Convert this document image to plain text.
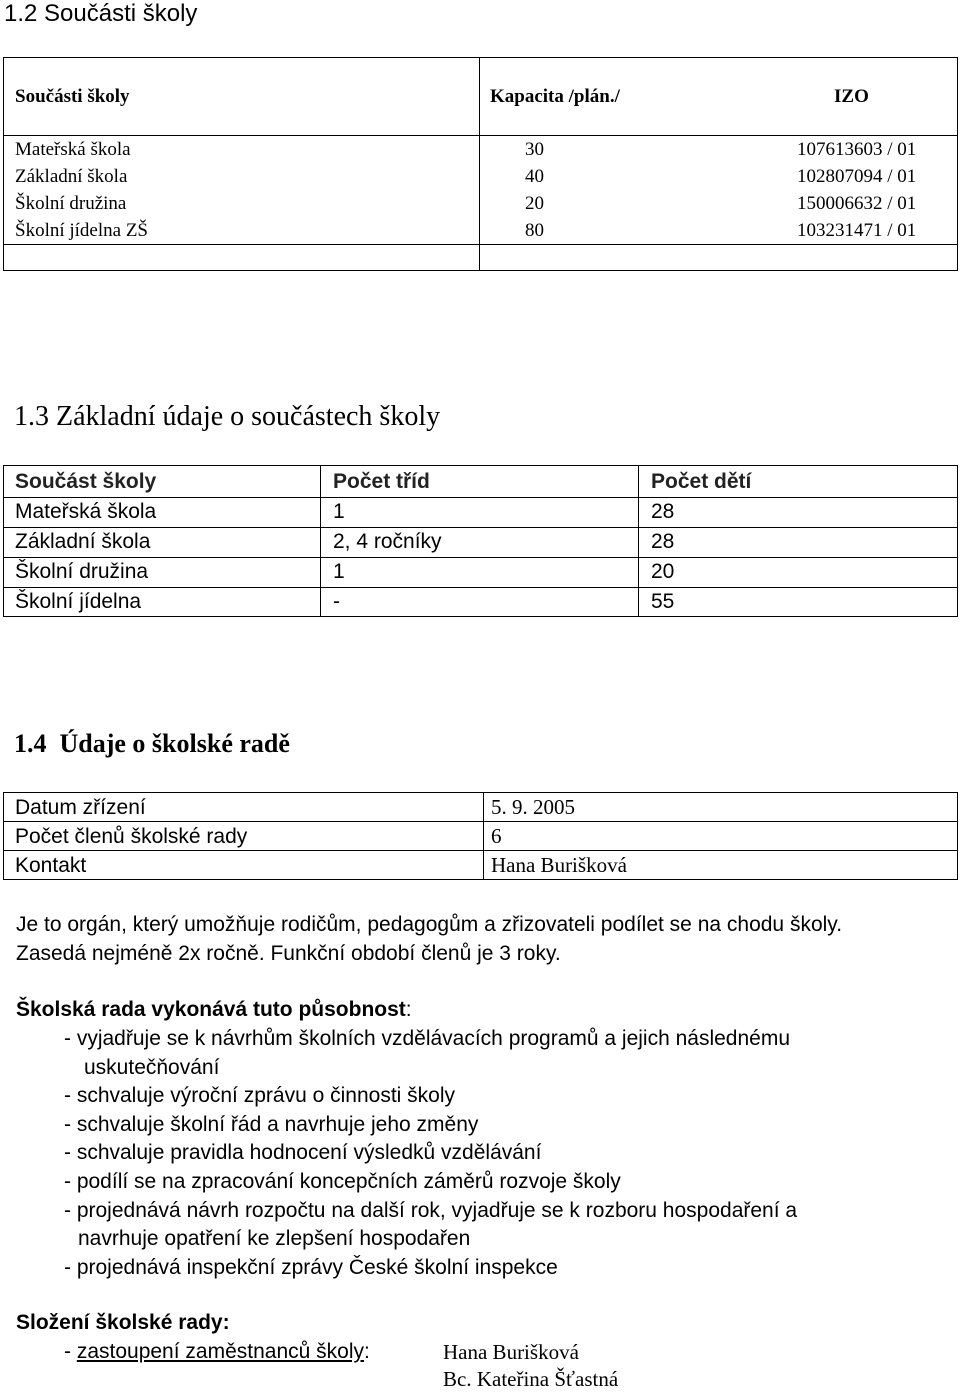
1.2 Součásti školy
Součásti školy	Kapacita /plán./	IZO
Mateřská škola	30	107613603 / 01
Základní škola	40	102807094 / 01
Školní družina	20	150006632 / 01
Školní jídelna ZŠ	80	103231471 / 01
1.3 Základní údaje o součástech školy
Součást školy	Počet tříd	Počet dětí
Mateřská škola	1	28
Základní škola	2, 4 ročníky	28
Školní družina	1	20
Školní jídelna	-	55
1.4  Údaje o školské radě
Datum zřízení	5. 9. 2005
Počet členů školské rady	6
Kontakt	Hana Burišková
Je to orgán, který umožňuje rodičům, pedagogům a zřizovateli podílet se na chodu školy.
Zasedá nejméně 2x ročně. Funkční období členů je 3 roky.
Školská rada vykonává tuto působnost:
- vyjadřuje se k návrhům školních vzdělávacích programů a jejich následnému
uskutečňování
- schvaluje výroční zprávu o činnosti školy
- schvaluje školní řád a navrhuje jeho změny
- schvaluje pravidla hodnocení výsledků vzdělávání
- podílí se na zpracování koncepčních záměrů rozvoje školy
- projednává návrh rozpočtu na další rok, vyjadřuje se k rozboru hospodaření a
navrhuje opatření ke zlepšení hospodařen
- projednává inspekční zprávy České školní inspekce
Složení školské rady:
- zastoupení zaměstnanců školy:	Hana Burišková
Bc. Kateřina Šťastná
